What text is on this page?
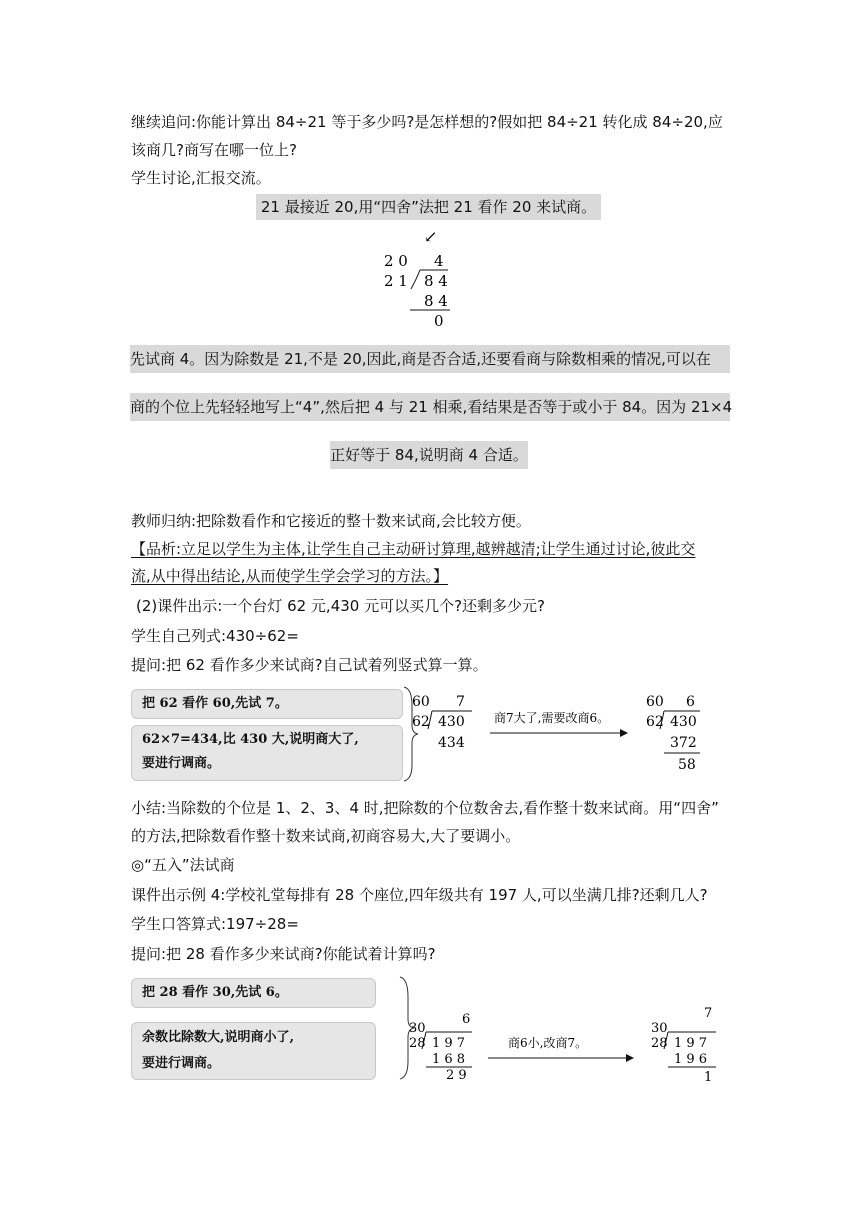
继续追问:你能计算出 84÷21 等于多少吗?是怎样想的?假如把 84÷21 转化成 84÷20,应
该商几?商写在哪一位上?
学生讨论,汇报交流。
21 最接近 20,用“四舍”法把 21 看作 20 来试商。
↙
2 0 4
2 1 8 4
8 4
0
先试商 4。因为除数是 21,不是 20,因此,商是否合适,还要看商与除数相乘的情况,可以在
商的个位上先轻轻地写上“4”,然后把 4 与 21 相乘,看结果是否等于或小于 84。因为 21×4
正好等于 84,说明商 4 合适。
教师归纳:把除数看作和它接近的整十数来试商,会比较方便。
【品析:立足以学生为主体,让学生自己主动研讨算理,越辨越清;让学生通过讨论,彼此交
流,从中得出结论,从而使学生学会学习的方法。】
(2)课件出示:一个台灯 62 元,430 元可以买几个?还剩多少元?
学生自己列式:430÷62=
提问:把 62 看作多少来试商?自己试着列竖式算一算。
把 62 看作 60,先试 7。
62×7=434,比 430 大,说明商大了,
要进行调商。
60 7
62 430
434
商7大了,需要改商6。
60 6
62 430
372
58
小结:当除数的个位是 1、2、3、4 时,把除数的个位数舍去,看作整十数来试商。用“四舍”
的方法,把除数看作整十数来试商,初商容易大,大了要调小。
◎“五入”法试商
课件出示例 4:学校礼堂每排有 28 个座位,四年级共有 197 人,可以坐满几排?还剩几人?
学生口答算式:197÷28=
提问:把 28 看作多少来试商?你能试着计算吗?
把 28 看作 30,先试 6。
余数比除数大,说明商小了,
要进行调商。
30
6
28 1 9 7
1 6 8
2 9
商6小,改商7。
30
7
28 1 9 7
1 9 6
1
